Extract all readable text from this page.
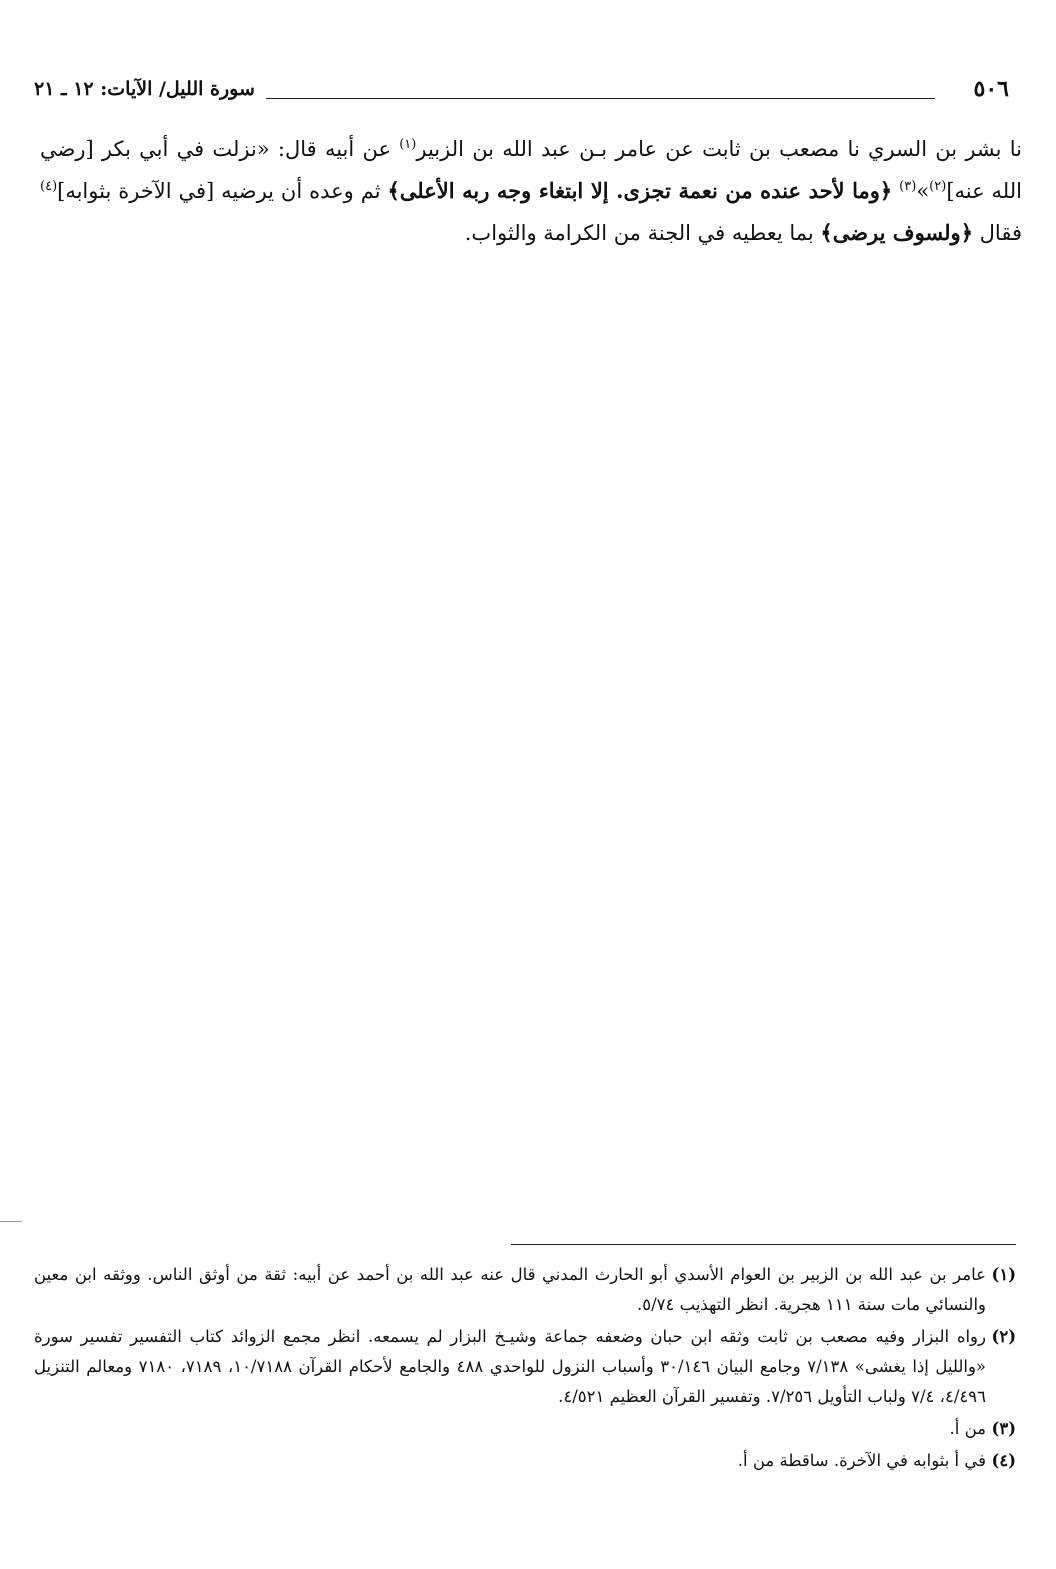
٥٠٦
سورة الليل/ الآيات: ١٢ ـ ٢١

نا بشر بن السري نا مصعب بن ثابت عن عامر بـن عبد الله بن الزبير$^{(١)}$ عن أبيه قال: «نزلت في أبي بكر [رضي الله عنه]$^{(٢)}$»$^{(٣)}$ ﴿وما لأحد عنده من نعمة تجزى. إلا ابتغاء وجه ربه الأعلى﴾ ثم وعده أن يرضيه [في الآخرة بثوابه]$^{(٤)}$ فقال ﴿ولسوف يرضى﴾ بما يعطيه في الجنة من الكرامة والثواب.

(١)
عامر بن عبد الله بن الزبير بن العوام الأسدي أبو الحارث المدني قال عنه عبد الله بن أحمد عن أبيه: ثقة من أوثق الناس. ووثقه ابن معين والنسائي مات سنة ١١١ هجرية. انظر التهذيب ٥/٧٤.

(٢)
رواه البزار وفيه مصعب بن ثابت وثقه ابن حبان وضعفه جماعة وشيـخ البزار لم يسمعه. انظر مجمع الزوائد كتاب التفسير تفسير سورة «والليل إذا يغشى» ٧/١٣٨ وجامع البيان ٣٠/١٤٦ وأسباب النزول للواحدي ٤٨٨ والجامع لأحكام القرآن ١٠/٧١٨٨، ٧١٨٩، ٧١٨٠ ومعالم التنزيل ٤/٤٩٦، ٧/٤ ولباب التأويل ٧/٢٥٦. وتفسير القرآن العظيم ٤/٥٢١.

(٣)
من أ.

(٤)
في أ بثوابه في الآخرة. ساقطة من أ.
